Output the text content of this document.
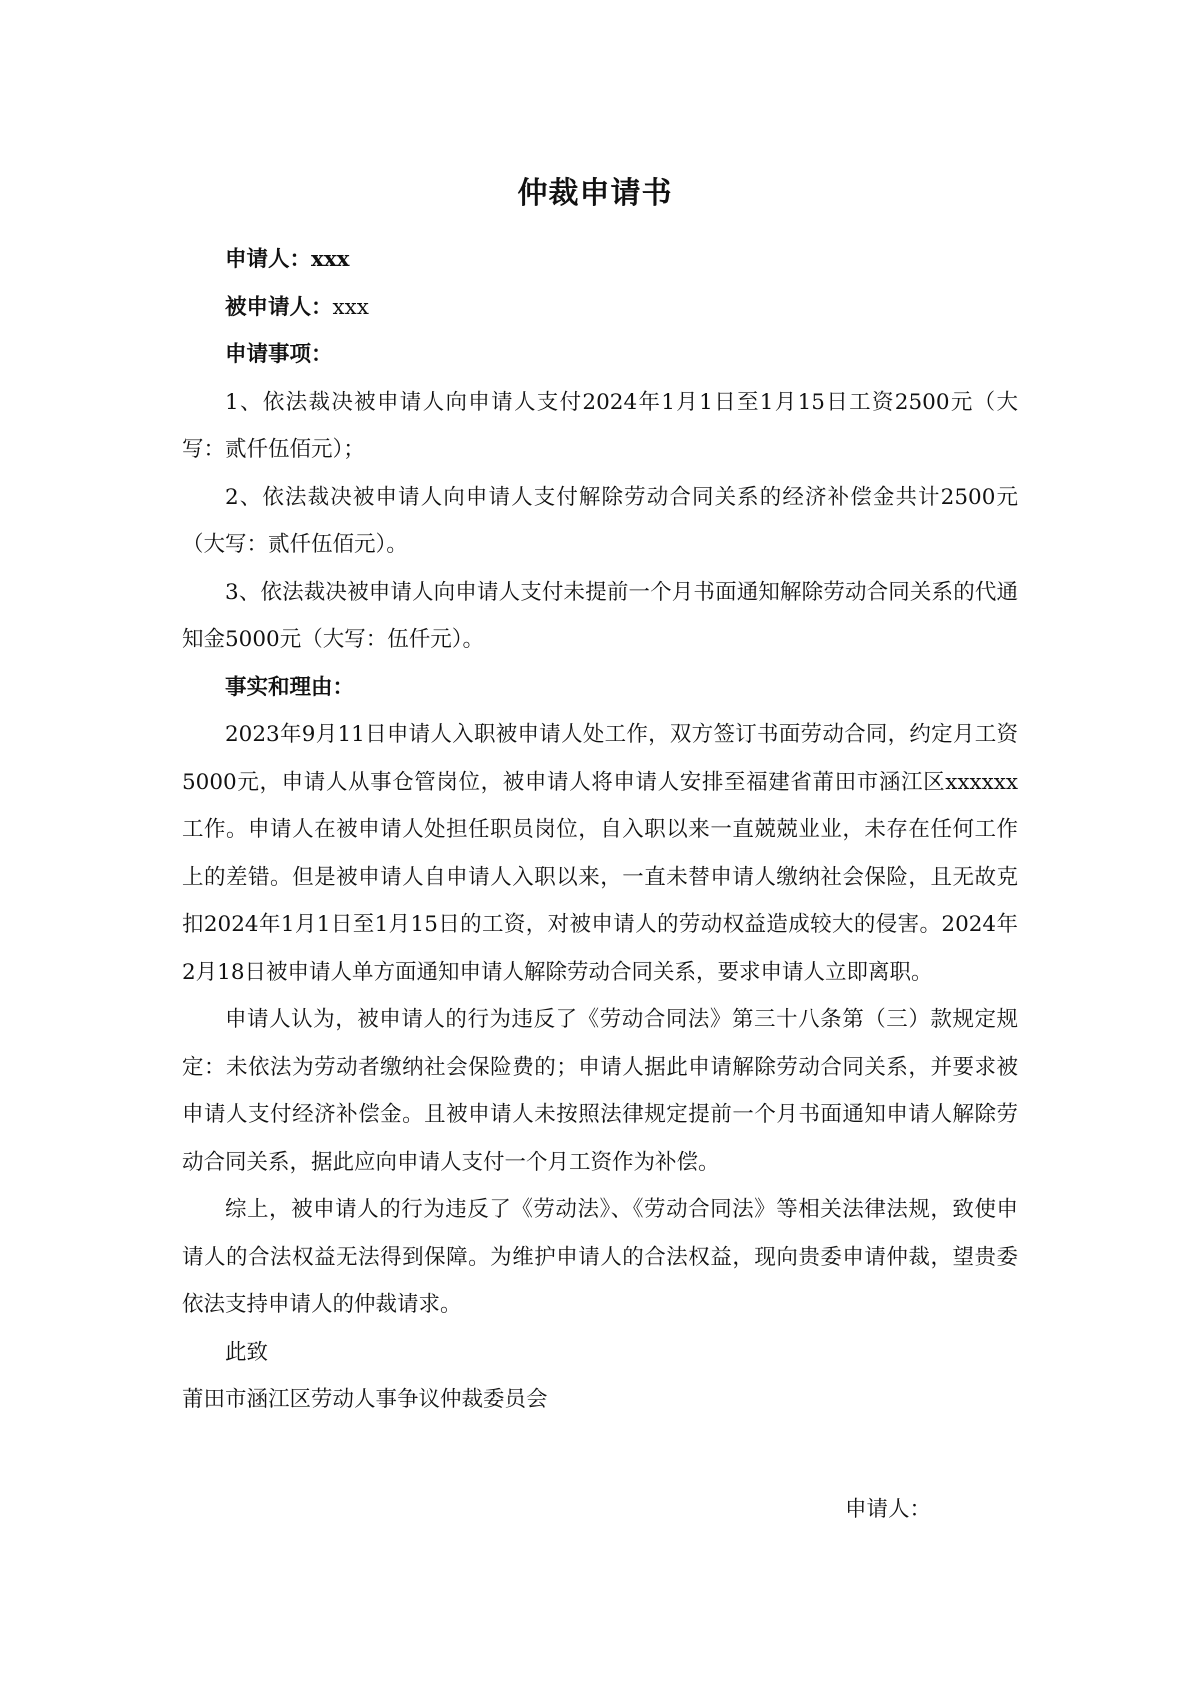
仲裁申请书

申请人：xxx

被申请人：xxx

申请事项：

1、依法裁决被申请人向申请人支付2024年1月1日至1月15日工资2500元（大写：贰仟伍佰元）；

2、依法裁决被申请人向申请人支付解除劳动合同关系的经济补偿金共计2500元（大写：贰仟伍佰元）。

3、依法裁决被申请人向申请人支付未提前一个月书面通知解除劳动合同关系的代通知金5000元（大写：伍仟元）。

事实和理由：

2023年9月11日申请人入职被申请人处工作，双方签订书面劳动合同，约定月工资5000元，申请人从事仓管岗位，被申请人将申请人安排至福建省莆田市涵江区xxxxxx工作。申请人在被申请人处担任职员岗位，自入职以来一直兢兢业业，未存在任何工作上的差错。但是被申请人自申请人入职以来，一直未替申请人缴纳社会保险，且无故克扣2024年1月1日至1月15日的工资，对被申请人的劳动权益造成较大的侵害。2024年2月18日被申请人单方面通知申请人解除劳动合同关系，要求申请人立即离职。

申请人认为，被申请人的行为违反了《劳动合同法》第三十八条第（三）款规定规定：未依法为劳动者缴纳社会保险费的；申请人据此申请解除劳动合同关系，并要求被申请人支付经济补偿金。且被申请人未按照法律规定提前一个月书面通知申请人解除劳动合同关系，据此应向申请人支付一个月工资作为补偿。

综上，被申请人的行为违反了《劳动法》、《劳动合同法》等相关法律法规，致使申请人的合法权益无法得到保障。为维护申请人的合法权益，现向贵委申请仲裁，望贵委依法支持申请人的仲裁请求。

此致

莆田市涵江区劳动人事争议仲裁委员会

申请人：
